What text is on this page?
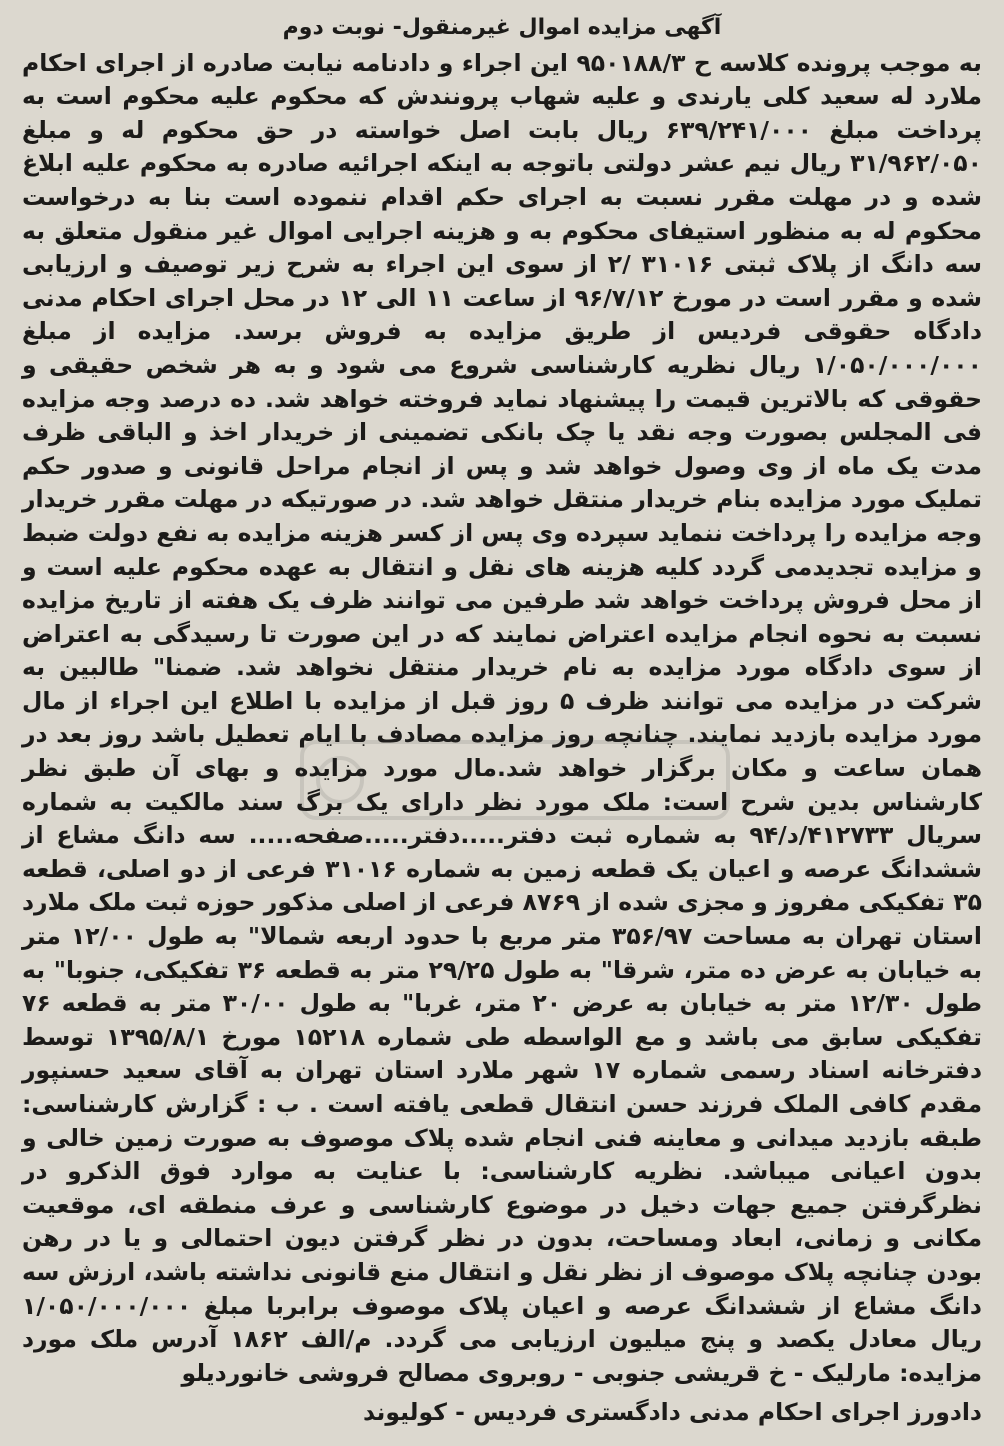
آگهی مزایده اموال غیرمنقول- نوبت دوم

به موجب پرونده کلاسه ح ۹۵۰۱۸۸/۳ این اجراء و دادنامه نیابت صادره از اجرای احکام ملارد له سعید کلی یارندی و علیه شهاب پرونندش که محکوم علیه محکوم است به پرداخت مبلغ ۶۳۹/۲۴۱/۰۰۰ ریال بابت اصل خواسته در حق محکوم له و مبلغ ۳۱/۹۶۲/۰۵۰ ریال نیم عشر دولتی باتوجه به اینکه اجرائیه صادره به محکوم علیه ابلاغ شده و در مهلت مقرر نسبت به اجرای حکم اقدام ننموده است بنا به درخواست محکوم له به منظور استیفای محکوم به و هزینه اجرایی اموال غیر منقول متعلق به سه دانگ از پلاک ثبتی ۳۱۰۱۶ /۲ از سوی این اجراء به شرح زیر توصیف و ارزیابی شده و مقرر است در مورخ ۹۶/۷/۱۲ از ساعت ۱۱ الی ۱۲ در محل اجرای احکام مدنی دادگاه حقوقی فردیس از طریق مزایده به فروش برسد. مزایده از مبلغ ۱/۰۵۰/۰۰۰/۰۰۰ ریال نظریه کارشناسی شروع می شود و به هر شخص حقیقی و حقوقی که بالاترین قیمت را پیشنهاد نماید فروخته خواهد شد. ده درصد وجه مزایده فی المجلس بصورت وجه نقد یا چک بانکی تضمینی از خریدار اخذ و الباقی ظرف مدت یک ماه از وی وصول خواهد شد و پس از انجام مراحل قانونی و صدور حکم تملیک مورد مزایده بنام خریدار منتقل خواهد شد. در صورتیکه در مهلت مقرر خریدار وجه مزایده را پرداخت ننماید سپرده وی پس از کسر هزینه مزایده به نفع دولت ضبط و مزایده تجدیدمی گردد کلیه هزینه های نقل و انتقال به عهده محکوم علیه است و از محل فروش پرداخت خواهد شد طرفین می توانند ظرف یک هفته از تاریخ مزایده نسبت به نحوه انجام مزایده اعتراض نمایند که در این صورت تا رسیدگی به اعتراض از سوی دادگاه مورد مزایده به نام خریدار منتقل نخواهد شد. ضمنا" طالبین به شرکت در مزایده می توانند ظرف ۵ روز قبل از مزایده با اطلاع این اجراء از مال مورد مزایده بازدید نمایند. چنانچه روز مزایده مصادف با ایام تعطیل باشد روز بعد در همان ساعت و مکان برگزار خواهد شد.مال مورد مزایده و بهای آن طبق نظر کارشناس بدین شرح است: ملک مورد نظر دارای یک برگ سند مالکیت به شماره سریال ۴۱۲۷۳۳/د/۹۴ به شماره ثبت دفتر.....دفتر.....صفحه..... سه دانگ مشاع از ششدانگ عرصه و اعیان یک قطعه زمین به شماره ۳۱۰۱۶ فرعی از دو اصلی، قطعه ۳۵ تفکیکی مفروز و مجزی شده از ۸۷۶۹ فرعی از اصلی مذکور حوزه ثبت ملک ملارد استان تهران به مساحت ۳۵۶/۹۷ متر مربع با حدود اربعه شمالا" به طول ۱۲/۰۰ متر به خیابان به عرض ده متر، شرقا" به طول ۲۹/۲۵ متر به قطعه ۳۶ تفکیکی، جنوبا" به طول ۱۲/۳۰ متر به خیابان به عرض ۲۰ متر، غربا" به طول ۳۰/۰۰ متر به قطعه ۷۶ تفکیکی سابق می باشد و مع الواسطه طی شماره ۱۵۲۱۸ مورخ ۱۳۹۵/۸/۱ توسط دفترخانه اسناد رسمی شماره ۱۷ شهر ملارد استان تهران به آقای سعید حسنپور مقدم کافی الملک فرزند حسن انتقال قطعی یافته است . ب : گزارش کارشناسی: طبقه بازدید میدانی و معاینه فنی انجام شده پلاک موصوف به صورت زمین خالی و بدون اعیانی میباشد. نظریه کارشناسی: با عنایت به موارد فوق الذکرو در نظرگرفتن جمیع جهات دخیل در موضوع کارشناسی و عرف منطقه ای، موقعیت مکانی و زمانی، ابعاد ومساحت، بدون در نظر گرفتن دیون احتمالی و یا در رهن بودن چنانچه پلاک موصوف از نظر نقل و انتقال منع قانونی نداشته باشد، ارزش سه دانگ مشاع از ششدانگ عرصه و اعیان پلاک موصوف برابربا مبلغ ۱/۰۵۰/۰۰۰/۰۰۰ ریال معادل یکصد و پنج میلیون ارزیابی می گردد. م/الف ۱۸۶۲ آدرس ملک مورد مزایده: مارلیک - خ قریشی جنوبی - روبروی مصالح فروشی خانوردیلو

دادورز اجرای احکام مدنی دادگستری فردیس - کولیوند
